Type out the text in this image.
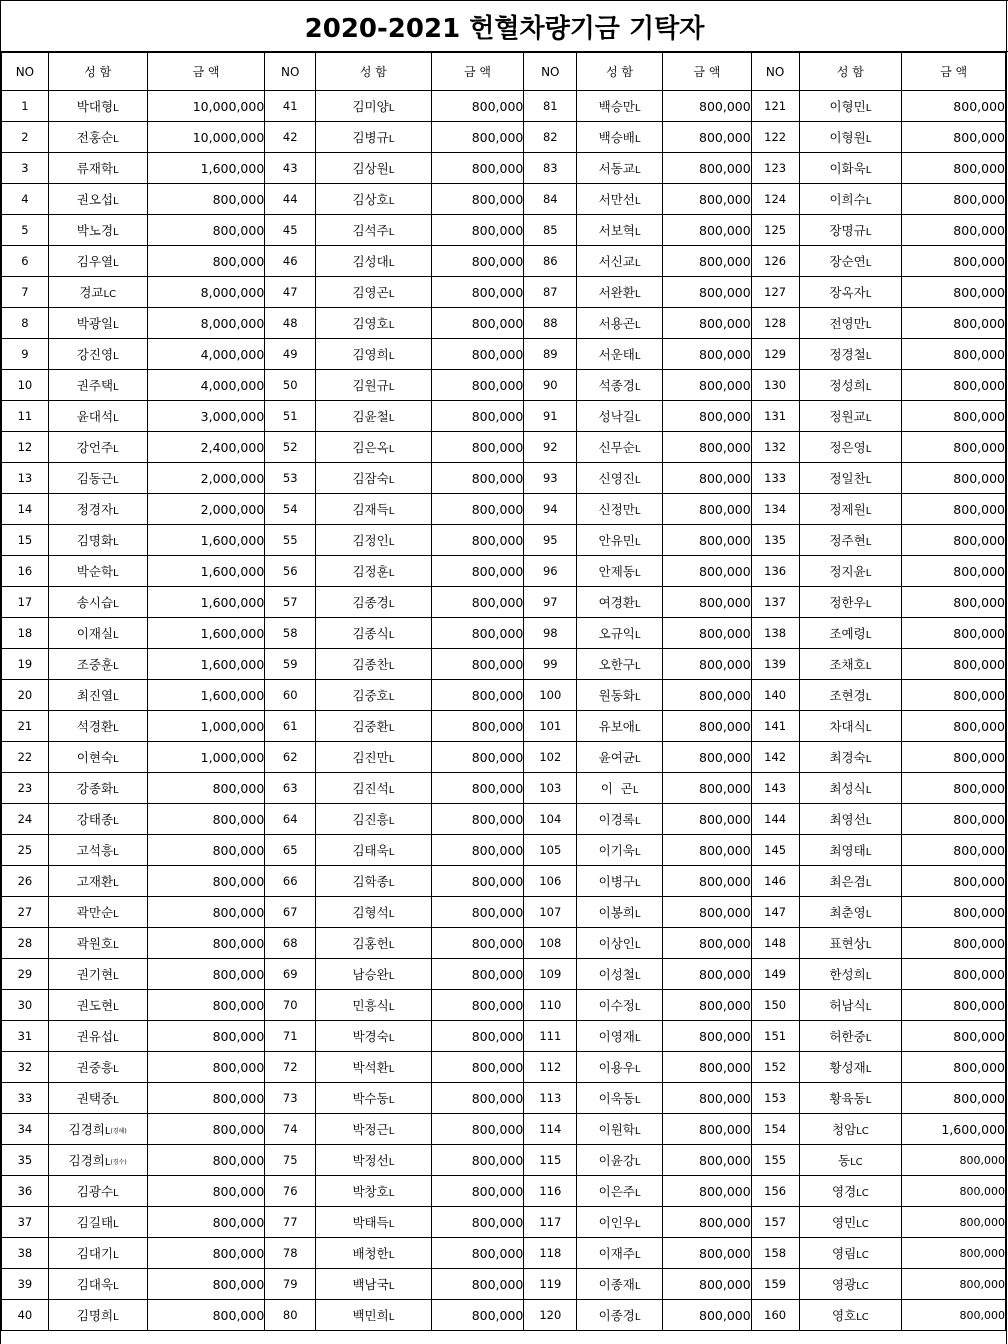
2020-2021 헌혈차량기금 기탁자
NO	성 함	금 액	NO	성 함	금 액	NO	성 함	금 액	NO	성 함	금 액
1	박대형L	10,000,000	41	김미양L	800,000	81	백승만L	800,000	121	이형민L	800,000
2	전홍순L	10,000,000	42	김병규L	800,000	82	백승배L	800,000	122	이형원L	800,000
3	류재학L	1,600,000	43	김상원L	800,000	83	서동교L	800,000	123	이화욱L	800,000
4	권오섭L	800,000	44	김상호L	800,000	84	서만선L	800,000	124	이희수L	800,000
5	박노경L	800,000	45	김석주L	800,000	85	서보혁L	800,000	125	장명규L	800,000
6	김우열L	800,000	46	김성대L	800,000	86	서신교L	800,000	126	장순연L	800,000
7	경교LC	8,000,000	47	김영곤L	800,000	87	서완환L	800,000	127	장옥자L	800,000
8	박광일L	8,000,000	48	김영호L	800,000	88	서용곤L	800,000	128	전영만L	800,000
9	강진영L	4,000,000	49	김영희L	800,000	89	서운태L	800,000	129	정경철L	800,000
10	권주택L	4,000,000	50	김원규L	800,000	90	석종경L	800,000	130	정성희L	800,000
11	윤대석L	3,000,000	51	김윤철L	800,000	91	성낙길L	800,000	131	정원교L	800,000
12	강언주L	2,400,000	52	김은옥L	800,000	92	신무순L	800,000	132	정은영L	800,000
13	김동근L	2,000,000	53	김잠숙L	800,000	93	신영진L	800,000	133	정일찬L	800,000
14	정경자L	2,000,000	54	김재득L	800,000	94	신정만L	800,000	134	정제원L	800,000
15	김명화L	1,600,000	55	김정인L	800,000	95	안유민L	800,000	135	정주현L	800,000
16	박순학L	1,600,000	56	김정훈L	800,000	96	안제동L	800,000	136	정지윤L	800,000
17	송시습L	1,600,000	57	김종경L	800,000	97	여경환L	800,000	137	정한우L	800,000
18	이재실L	1,600,000	58	김종식L	800,000	98	오규익L	800,000	138	조예령L	800,000
19	조중훈L	1,600,000	59	김종찬L	800,000	99	오한구L	800,000	139	조채호L	800,000
20	최진열L	1,600,000	60	김중호L	800,000	100	원동화L	800,000	140	조현경L	800,000
21	석경환L	1,000,000	61	김중환L	800,000	101	유보애L	800,000	141	차대식L	800,000
22	이현숙L	1,000,000	62	김진만L	800,000	102	윤여균L	800,000	142	최경숙L	800,000
23	강종화L	800,000	63	김진석L	800,000	103	이  곤L	800,000	143	최성식L	800,000
24	강태종L	800,000	64	김진흥L	800,000	104	이경록L	800,000	144	최영선L	800,000
25	고석흥L	800,000	65	김태욱L	800,000	105	이기욱L	800,000	145	최영태L	800,000
26	고재환L	800,000	66	김학종L	800,000	106	이병구L	800,000	146	최은겸L	800,000
27	곽만순L	800,000	67	김형석L	800,000	107	이봉희L	800,000	147	최춘영L	800,000
28	곽원호L	800,000	68	김홍헌L	800,000	108	이상인L	800,000	148	표현상L	800,000
29	권기현L	800,000	69	남승완L	800,000	109	이성철L	800,000	149	한성희L	800,000
30	권도현L	800,000	70	민흥식L	800,000	110	이수정L	800,000	150	허남식L	800,000
31	권유섭L	800,000	71	박경숙L	800,000	111	이영재L	800,000	151	허한중L	800,000
32	권중흥L	800,000	72	박석환L	800,000	112	이용우L	800,000	152	황성재L	800,000
33	권택중L	800,000	73	박수동L	800,000	113	이욱동L	800,000	153	황육동L	800,000
34	김경희L(경해)	800,000	74	박정근L	800,000	114	이원학L	800,000	154	청암LC	1,600,000
35	김경희L(경수)	800,000	75	박정선L	800,000	115	이윤강L	800,000	155	동LC	800,000
36	김광수L	800,000	76	박창호L	800,000	116	이은주L	800,000	156	영경LC	800,000
37	김길태L	800,000	77	박태득L	800,000	117	이인우L	800,000	157	영민LC	800,000
38	김대기L	800,000	78	배청한L	800,000	118	이재주L	800,000	158	영림LC	800,000
39	김대욱L	800,000	79	백남국L	800,000	119	이종재L	800,000	159	영광LC	800,000
40	김명희L	800,000	80	백민희L	800,000	120	이종경L	800,000	160	영호LC	800,000
